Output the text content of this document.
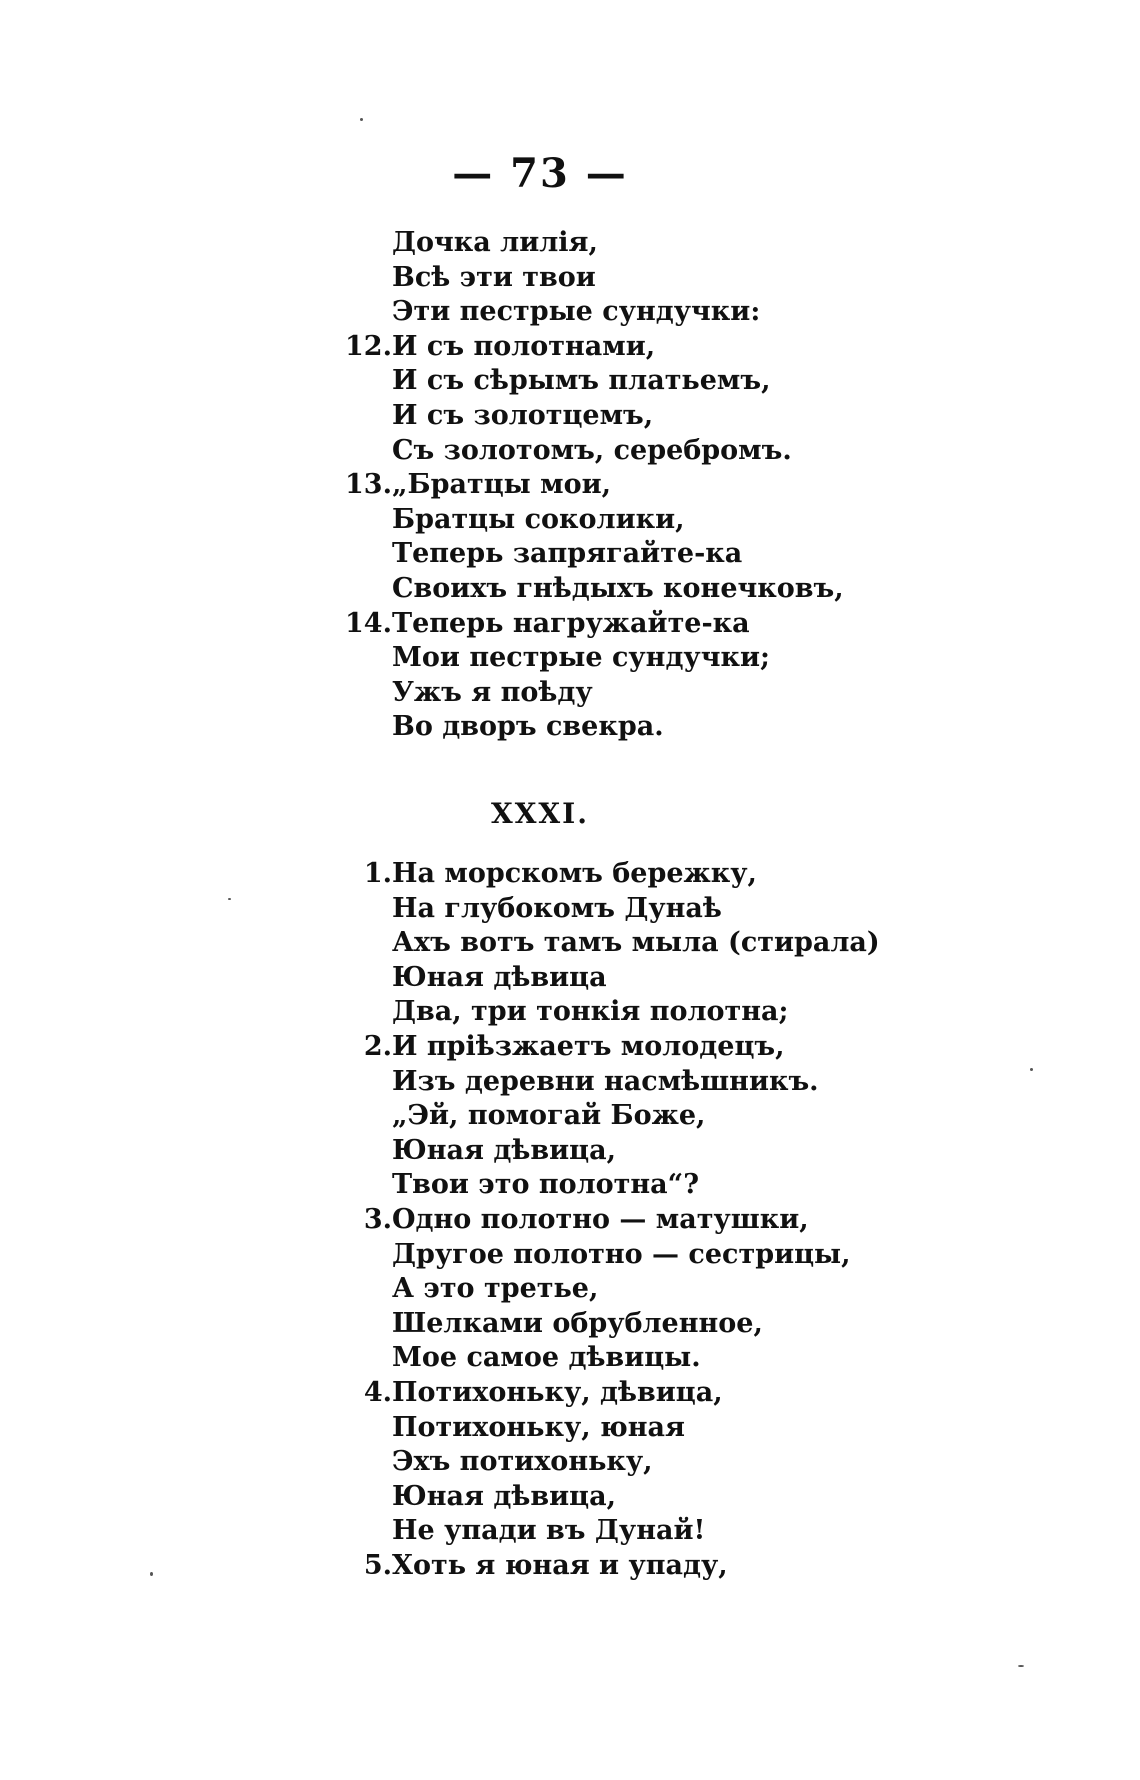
— 73 —
Дочка лилія,
Всѣ эти твои
Эти пестрые сундучки:
12. И съ полотнами,
И съ сѣрымъ платьемъ,
И съ золотцемъ,
Съ золотомъ, серебромъ.
13. „Братцы мои,
Братцы соколики,
Теперь запрягайте-ка
Своихъ гнѣдыхъ конечковъ,
14. Теперь нагружайте-ка
Мои пестрые сундучки;
Ужъ я поѣду
Во дворъ свекра.
XXXI.
1. На морскомъ бережку,
На глубокомъ Дунаѣ
Ахъ вотъ тамъ мыла (стирала)
Юная дѣвица
Два, три тонкія полотна;
2. И пріѣзжаетъ молодецъ,
Изъ деревни насмѣшникъ.
„Эй, помогай Боже,
Юная дѣвица,
Твои это полотна“?
3. Одно полотно — матушки,
Другое полотно — сестрицы,
А это третье,
Шелками обрубленное,
Мое самое дѣвицы.
4. Потихоньку, дѣвица,
Потихоньку, юная
Эхъ потихоньку,
Юная дѣвица,
Не упади въ Дунай!
5. Хоть я юная и упаду,
